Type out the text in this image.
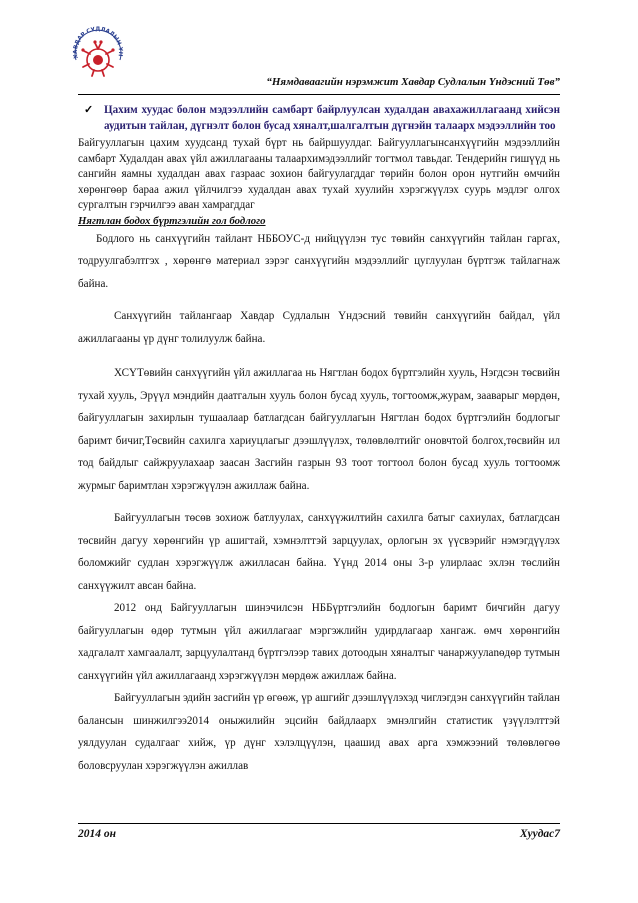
ХАВДАР СУДЛАЛЫН ҮН
“Нямдаваагийн нэрэмжит Хавдар Судлалын Үндэсний Төв”
✓ Цахим хуудас болон мэдээллийн самбарт байрлуулсан худалдан авахажиллагаанд хийсэн аудитын тайлан, дүгнэлт болон бусад хяналт,шалгалтын дүгнэйн талаарх мэдээллийн тоо

Байгууллагын цахим хуудсанд тухай бүрт нь байршуулдаг. Байгууллагынсанхүүгийн мэдээллийн самбарт Худалдан авах үйл ажиллагааны талаархимэдээллийг тогтмол тавьдаг. Тендерийн гишүүд нь сангийн яамны худалдан авах газраас зохион байгуулагддаг төрийн болон орон нутгийн өмчийн хөрөнгөөр бараа ажил үйлчилгээ худалдан авах тухай хуулийн хэрэгжүүлэх суурь мэдлэг олгох сургалтын гэрчилгээ аван хамрагддаг

Нягтлан бодох бүртгэлийн гол бодлого

Бодлого нь санхүүгийн тайлант НББОУС-д нийцүүлэн тус төвийн санхүүгийн тайлан гаргах, тодруулгабэлтгэх , хөрөнгө материал зэрэг санхүүгийн мэдээллийг цуглуулан бүртгэж тайлагнаж байна.

Санхүүгийн тайлангаар Хавдар Судлалын Үндэсний төвийн санхүүгийн байдал, үйл ажиллагааны үр дүнг толилуулж байна.

ХСҮТөвийн санхүүгийн үйл ажиллагаа нь Нягтлан бодох бүртгэлийн хууль, Нэгдсэн төсвийн тухай хууль, Эрүүл мэндийн даатгалын хууль болон бусад хууль, тогтоомж,журам, зааварыг мөрдөн, байгууллагын захирлын тушаалаар батлагдсан байгууллагын Нягтлан бодох бүртгэлийн бодлогыг баримт бичиг,Төсвийн сахилга хариуцлагыг дээшлүүлэх, төлөвлөлтийг оновчтой болгох,төсвийн ил тод байдлыг сайжруулахаар заасан Засгийн газрын 93 тоот тогтоол болон бусад хууль тогтоомж журмыг баримтлан хэрэгжүүлэн ажиллаж байна.

Байгууллагын төсөв зохиож батлуулах, санхүүжилтийн сахилга батыг сахиулах, батлагдсан төсвийн дагуу хөрөнгийн үр ашигтай, хэмнэлттэй зарцуулах, орлогын эх үүсвэрийг нэмэгдүүлэх боломжийг судлан хэрэгжүүлж ажилласан байна. Үүнд 2014 оны 3-р улирлаас эхлэн төслийн санхүүжилт авсан байна.

2012 онд Байгууллагын шинэчилсэн НББүртгэлийн бодлогын баримт бичгийн дагуу байгууллагын өдөр тутмын үйл ажиллагааг мэргэжлийн удирдлагаар хангаж. өмч хөрөнгийн хадгалалт хамгаалалт, зарцуулалтанд бүртгэлээр тавих дотоодын хяналтыг чанаржуулаnөдөр тутмын санхүүгийн үйл ажиллагаанд хэрэгжүүлэн мөрдөж ажиллаж байна.

Байгууллагын эдийн засгийн үр өгөөж, үр ашгийг дээшлүүлэхэд чиглэгдэн санхүүгийн тайлан балансын шинжилгээ2014 оныжилийн эцсийн байдлаарх эмнэлгийн статистик үзүүлэлттэй уялдуулан судалгааг хийж, үр дүнг хэлэлцүүлэн, цаашид авах арга хэмжээний төлөвлөгөө боловсруулан хэрэгжүүлэн ажиллав

2014 он	Хуудас7
